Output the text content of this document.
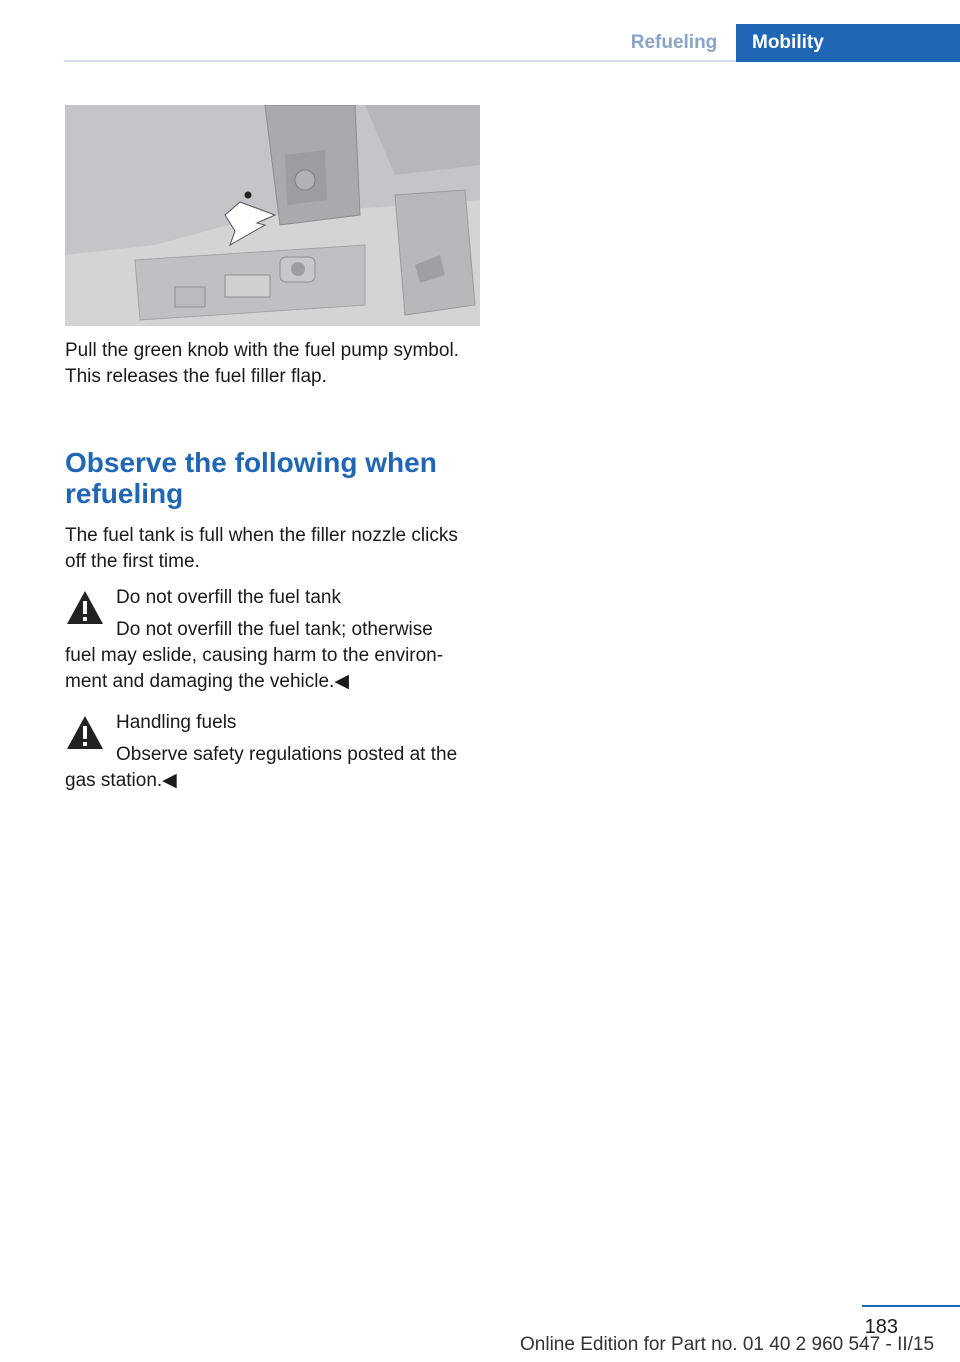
Refueling	Mobility
Pull the green knob with the fuel pump symbol.
This releases the fuel filler flap.
Observe the following when
refueling
The fuel tank is full when the filler nozzle clicks
off the first time.
Do not overfill the fuel tank
Do not overfill the fuel tank; otherwise
fuel may eslide, causing harm to the environ-
ment and damaging the vehicle.◀
Handling fuels
Observe safety regulations posted at the
gas station.◀
183
Online Edition for Part no. 01 40 2 960 547 - II/15
